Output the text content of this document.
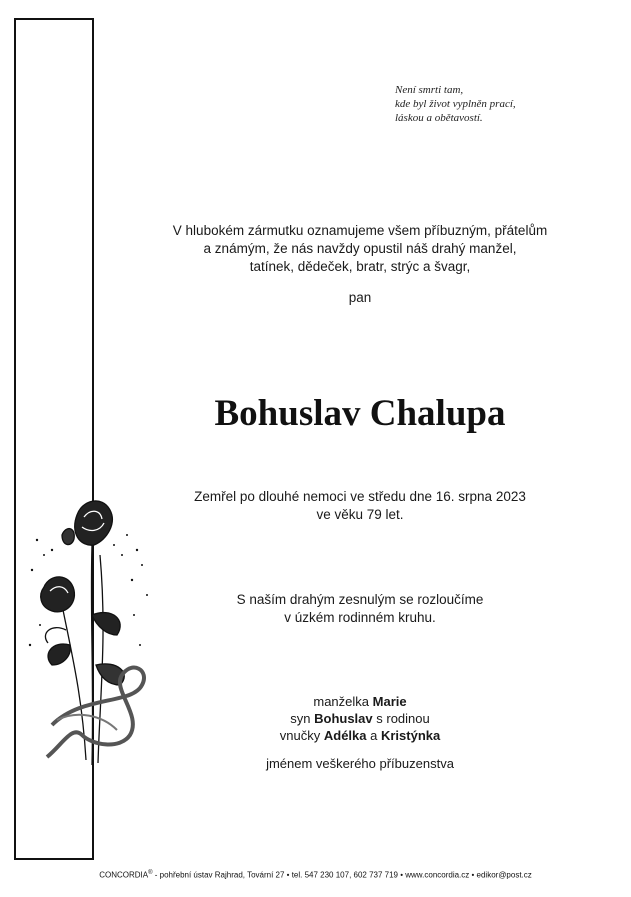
Není smrti tam,
kde byl život vyplněn prací,
láskou a obětavostí.
V hlubokém zármutku oznamujeme všem příbuzným, přátelům
a známým, že nás navždy opustil náš drahý manžel,
tatínek, dědeček, bratr, strýc a švagr,
pan
Bohuslav Chalupa
Zemřel po dlouhé nemoci ve středu dne 16. srpna 2023
ve věku 79 let.
S naším drahým zesnulým se rozloučíme
v úzkém rodinném kruhu.
manželka Marie
syn Bohuslav s rodinou
vnučky Adélka a Kristýnka
jménem veškerého příbuzenstva
CONCORDIA® - pohřební ústav Rajhrad, Tovární 27 • tel. 547 230 107, 602 737 719 • www.concordia.cz • edikor@post.cz
